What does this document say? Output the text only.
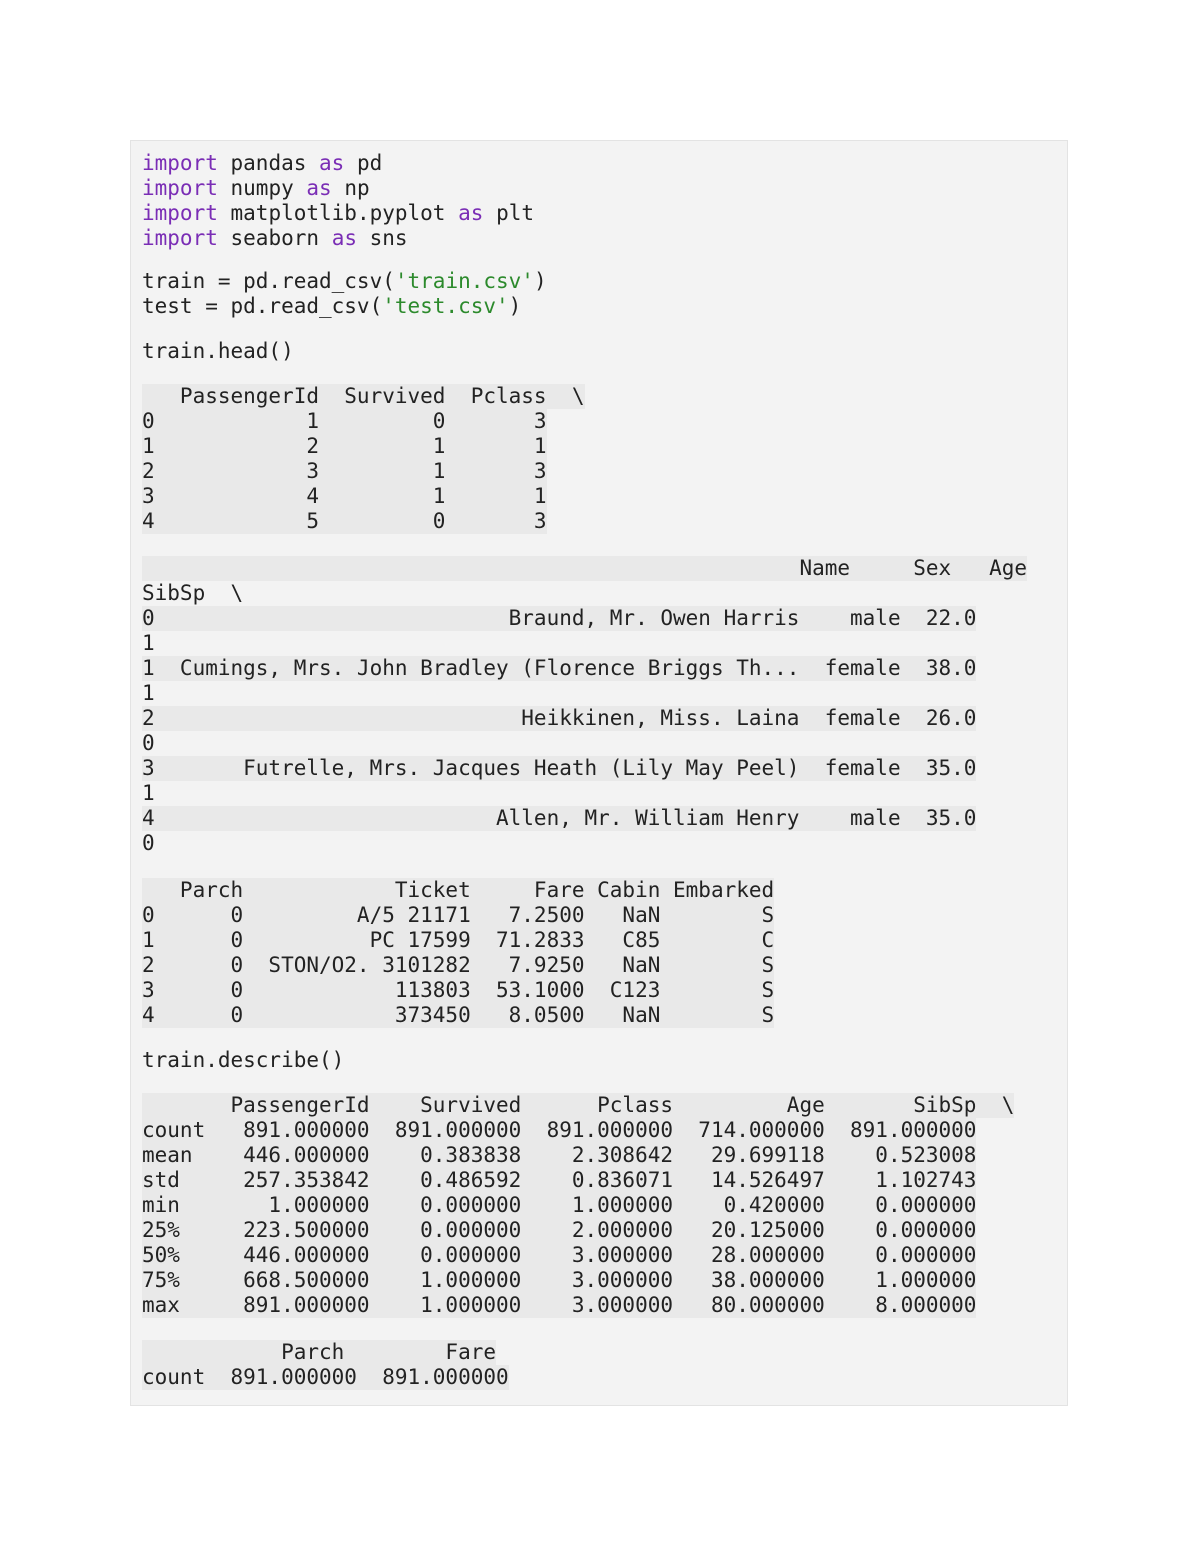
import pandas as pd
import numpy as np
import matplotlib.pyplot as plt
import seaborn as sns
train = pd.read_csv('train.csv')
test = pd.read_csv('test.csv')
train.head()
PassengerId  Survived  Pclass  \
0            1         0       3
1            2         1       1
2            3         1       3
3            4         1       1
4            5         0       3
Name     Sex   Age
SibSp  \
0                            Braund, Mr. Owen Harris    male  22.0
1
1  Cumings, Mrs. John Bradley (Florence Briggs Th...  female  38.0
1
2                             Heikkinen, Miss. Laina  female  26.0
0
3       Futrelle, Mrs. Jacques Heath (Lily May Peel)  female  35.0
1
4                           Allen, Mr. William Henry    male  35.0
0
Parch            Ticket     Fare Cabin Embarked
0      0         A/5 21171   7.2500   NaN        S
1      0          PC 17599  71.2833   C85        C
2      0  STON/O2. 3101282   7.9250   NaN        S
3      0            113803  53.1000  C123        S
4      0            373450   8.0500   NaN        S
train.describe()
PassengerId    Survived      Pclass         Age       SibSp  \
count   891.000000  891.000000  891.000000  714.000000  891.000000
mean    446.000000    0.383838    2.308642   29.699118    0.523008
std     257.353842    0.486592    0.836071   14.526497    1.102743
min       1.000000    0.000000    1.000000    0.420000    0.000000
25%     223.500000    0.000000    2.000000   20.125000    0.000000
50%     446.000000    0.000000    3.000000   28.000000    0.000000
75%     668.500000    1.000000    3.000000   38.000000    1.000000
max     891.000000    1.000000    3.000000   80.000000    8.000000
Parch        Fare
count  891.000000  891.000000
